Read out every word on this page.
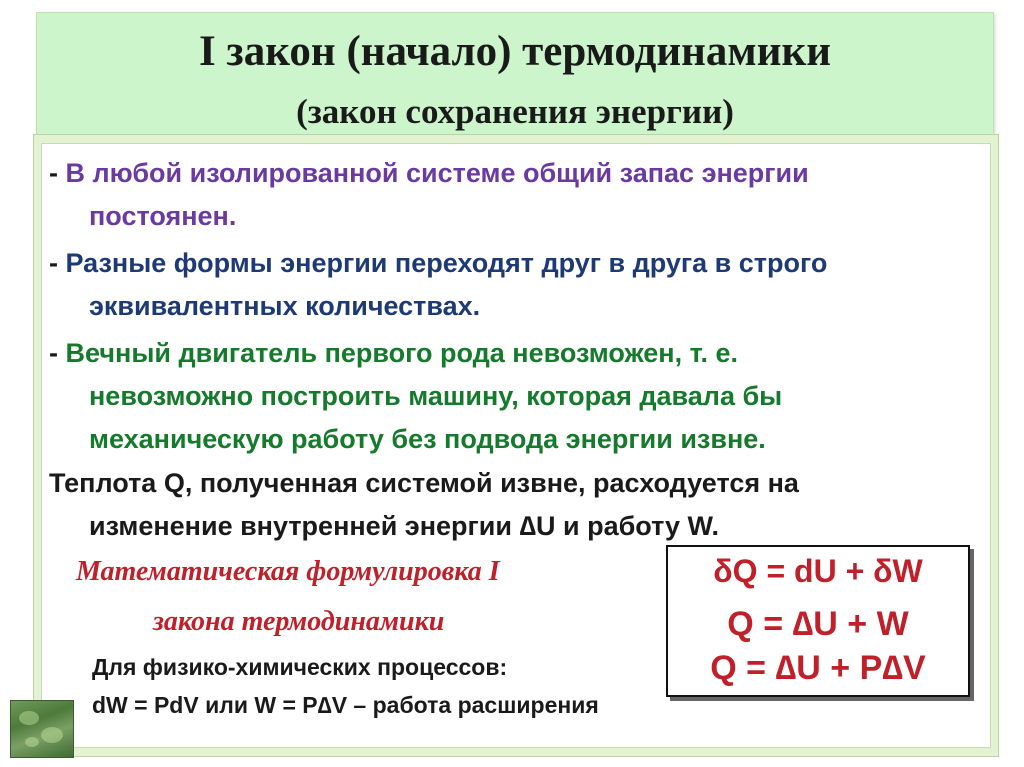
I закон (начало) термодинамики
(закон сохранения энергии)
- В любой изолированной системе общий запас энергии
постоянен.
- Разные формы энергии переходят друг в друга в строго
эквивалентных количествах.
- Вечный двигатель первого рода невозможен, т. е.
невозможно построить машину, которая давала бы
механическую работу без подвода энергии извне.
Теплота Q, полученная системой извне, расходуется на
изменение внутренней энергии ∆U и работу W.
Математическая формулировка I
закона термодинамики
Для физико-химических процессов:
dW = PdV или W = P∆V – работа расширения
δQ = dU + δW
Q = ∆U + W
Q = ∆U + P∆V
